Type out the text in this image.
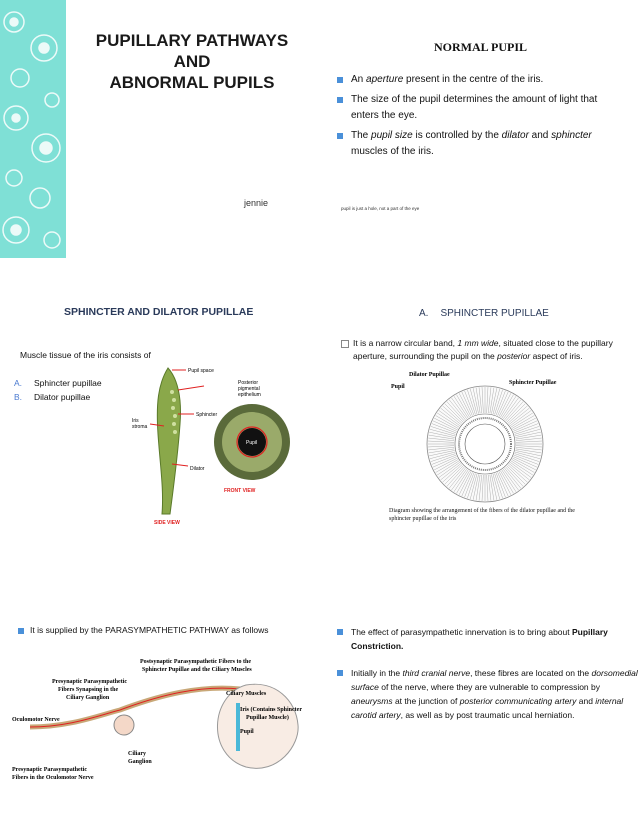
PUPILLARY PATHWAYS
AND
ABNORMAL PUPILS
jennie
NORMAL PUPIL
An aperture present in the centre of the iris.
The size of the pupil determines the amount of light that enters the eye.
The pupil size is controlled by the dilator and sphincter muscles of the iris.
pupil is just a hole, not a part of the eye
SPHINCTER AND DILATOR PUPILLAE
Muscle tissue of the iris consists of
A. Sphincter pupillae
B. Dilator pupillae
Pupil space
Posterior
pigmental
epithelium
Sphincter
Iris
stroma
Dilator
Pupil
FRONT VIEW
SIDE VIEW
A. SPHINCTER PUPILLAE
It is a narrow circular band, 1 mm wide, situated close to the pupillary aperture, surrounding the pupil on the posterior aspect of iris.
Dilator Pupillae
Sphincter Pupillae
Pupil
Diagram showing the arrangement of the fibers of the dilator pupillae and the sphincter pupillae of the iris
It is supplied by the PARASYMPATHETIC PATHWAY as follows
Postsynaptic Parasympathetic Fibers to the
Sphincter Pupillae and the Ciliary Muscles
Presynaptic Parasympathetic
Fibers Synapsing in the
Ciliary Ganglion
Ciliary Muscles
Iris (Contains Sphincter
Pupillae Muscle)
Oculomotor Nerve
Pupil
Ciliary
Ganglion
Presynaptic Parasympathetic
Fibers in the Oculomotor Nerve
The effect of parasympathetic innervation is to bring about Pupillary Constriction.
Initially in the third cranial nerve, these fibres are located on the dorsomedial surface of the nerve, where they are vulnerable to compression by aneurysms at the junction of posterior communicating artery and internal carotid artery, as well as by post traumatic uncal herniation.
